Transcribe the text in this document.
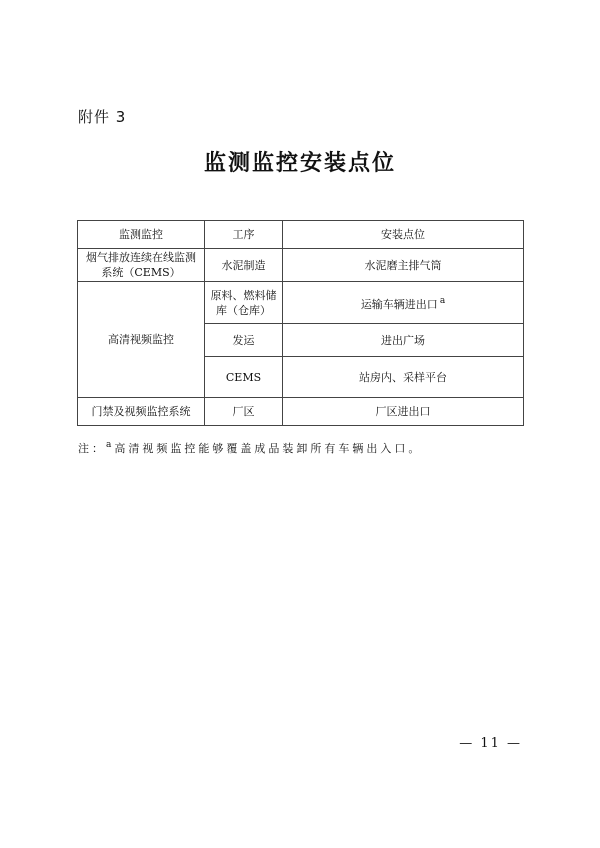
附件 3
监测监控安装点位
监测监控	工序	安装点位
烟气排放连续在线监测系统（CEMS）	水泥制造	水泥磨主排气筒
高清视频监控	原料、燃料储库（仓库）	运输车辆进出口 $^a$
	发运	进出广场
	CEMS	站房内、采样平台
门禁及视频监控系统	厂区	厂区进出口
注：$^a$ 高清视频监控能够覆盖成品装卸所有车辆出入口。
— 11 —
